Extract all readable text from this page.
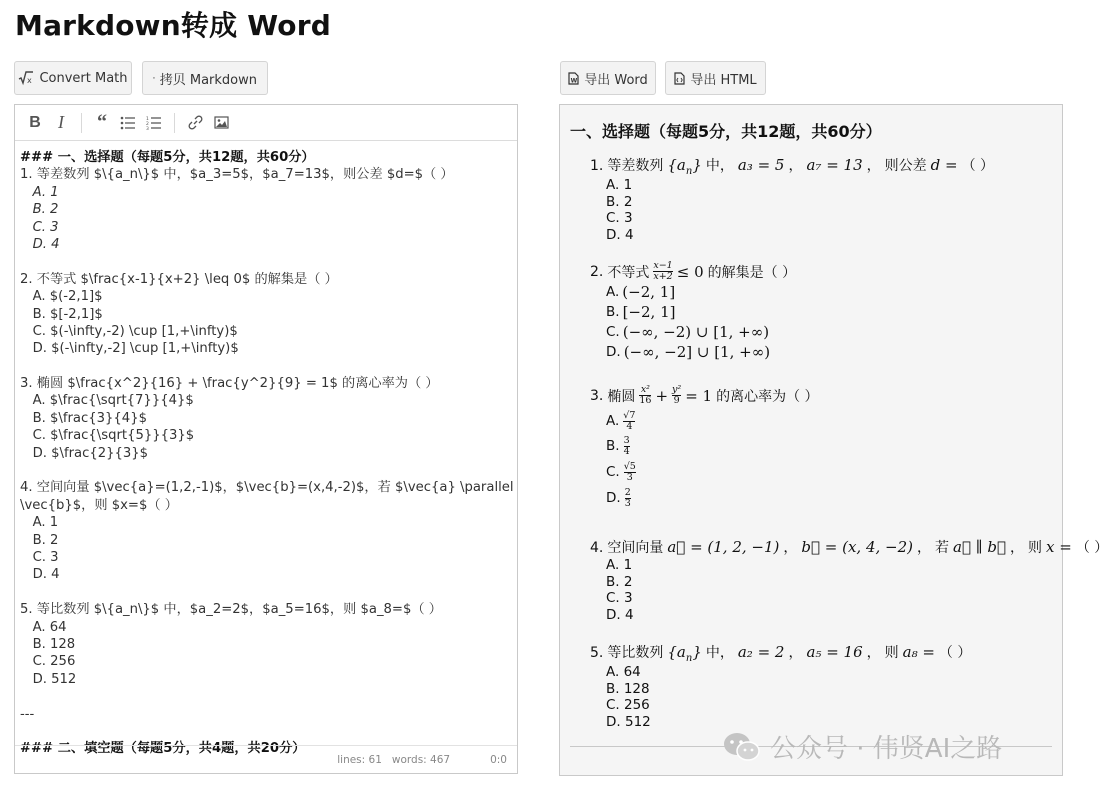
Markdown转成 Word
x Convert Math 拷贝 Markdown	W 导出 Word	导出 HTML
B I	“	1
2
3
### 一、选择题（每题5分，共12题，共60分）
1. 等差数列 $\{a_n\}$ 中，$a_3=5$，$a_7=13$，则公差 $d=$（ ）
A. 1
B. 2
C. 3
D. 4
2. 不等式 $\frac{x-1}{x+2} \leq 0$ 的解集是（ ）
A. $(-2,1]$
B. $[-2,1]$
C. $(-\infty,-2) \cup [1,+\infty)$
D. $(-\infty,-2] \cup [1,+\infty)$
3. 椭圆 $\frac{x^2}{16} + \frac{y^2}{9} = 1$ 的离心率为（ ）
A. $\frac{\sqrt{7}}{4}$
B. $\frac{3}{4}$
C. $\frac{\sqrt{5}}{3}$
D. $\frac{2}{3}$
4. 空间向量 $\vec{a}=(1,2,-1)$，$\vec{b}=(x,4,-2)$，若 $\vec{a} \parallel
\vec{b}$，则 $x=$（ ）
A. 1
B. 2
C. 3
D. 4
5. 等比数列 $\{a_n\}$ 中，$a_2=2$，$a_5=16$，则 $a_8=$（ ）
A. 64
B. 128
C. 256
D. 512
---
### 二、填空题（每题5分，共4题，共20分）
lines: 61 words: 467	0:0
一、选择题（每题5分，共12题，共60分）
1. 等差数列 $\{a_n\}$ 中， a₃ = 5 ， a₇ = 13 ， 则公差 d = （ ）
A. 1
B. 2
C. 3
D. 4
2. 不等式 $\frac{x-1}{x+2} \le 0$ 的解集是（ ）
A. (−2, 1]
B. [−2, 1]
C. (−∞, −2) ∪ [1, +∞)
D. (−∞, −2] ∪ [1, +∞)
3. 椭圆 $\frac{\text{x²}}{16} + \frac{\text{y²}}{9} = 1$ 的离心率为（ ）
A. $\frac{√7}{4}$
B. $\frac{3}{4}$
C. $\frac{√5}{3}$
D. $\frac{2}{3}$
4. 空间向量 a⃗ = (1, 2, −1) ， b⃗ = (x, 4, −2) ， 若 a⃗ ∥ b⃗ ， 则 x = （ ）
A. 1
B. 2
C. 3
D. 4
5. 等比数列 $\{a_n\}$ 中， a₂ = 2 ， a₅ = 16 ， 则 a₈ = （ ）
A. 64
B. 128
C. 256
D. 512
公众号 · 伟贤AI之路
